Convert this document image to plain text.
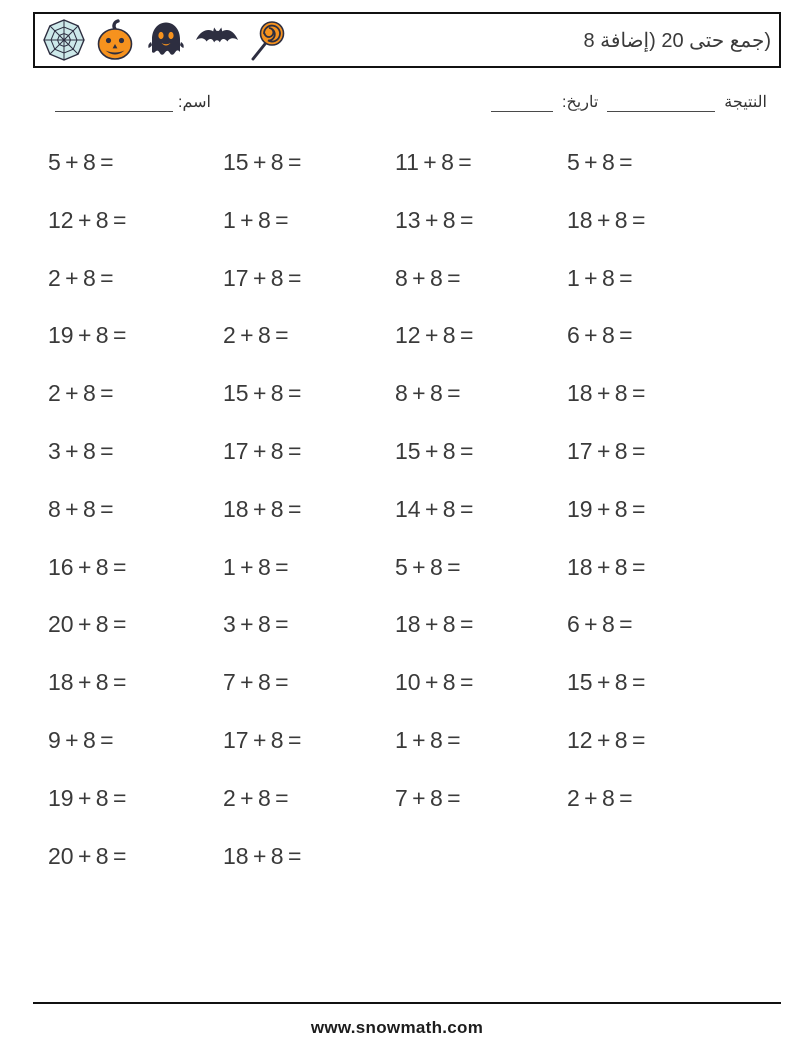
(جمع حتى 20 (إضافة 8
اسم:	النتيجة
تاريخ:
5 + 8 =	15 + 8 =	11 + 8 =	5 + 8 =
12 + 8 =	1 + 8 =	13 + 8 =	18 + 8 =
2 + 8 =	17 + 8 =	8 + 8 =	1 + 8 =
19 + 8 =	2 + 8 =	12 + 8 =	6 + 8 =
2 + 8 =	15 + 8 =	8 + 8 =	18 + 8 =
3 + 8 =	17 + 8 =	15 + 8 =	17 + 8 =
8 + 8 =	18 + 8 =	14 + 8 =	19 + 8 =
16 + 8 =	1 + 8 =	5 + 8 =	18 + 8 =
20 + 8 =	3 + 8 =	18 + 8 =	6 + 8 =
18 + 8 =	7 + 8 =	10 + 8 =	15 + 8 =
9 + 8 =	17 + 8 =	1 + 8 =	12 + 8 =
19 + 8 =	2 + 8 =	7 + 8 =	2 + 8 =
20 + 8 =	18 + 8 =
www.snowmath.com
